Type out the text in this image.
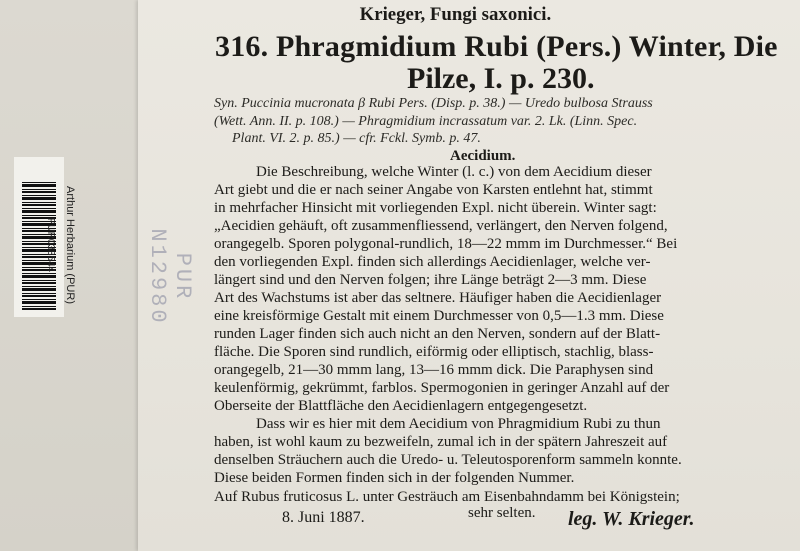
PUR038544 Arthur Herbarium (PUR)	PUR N12980
Krieger, Fungi saxonici.
316. Phragmidium Rubi (Pers.) Winter, Die
Pilze, I. p. 230.
Syn. Puccinia mucronata β Rubi Pers. (Disp. p. 38.) — Uredo bulbosa Strauss
(Wett. Ann. II. p. 108.) — Phragmidium incrassatum var. 2. Lk. (Linn. Spec.
Plant. VI. 2. p. 85.) — cfr. Fckl. Symb. p. 47.
Aecidium.
Die Beschreibung, welche Winter (l. c.) von dem Aecidium dieser
Art giebt und die er nach seiner Angabe von Karsten entlehnt hat, stimmt
in mehrfacher Hinsicht mit vorliegenden Expl. nicht überein. Winter sagt:
„Aecidien gehäuft, oft zusammenfliessend, verlängert, den Nerven folgend,
orangegelb. Sporen polygonal-rundlich, 18—22 mmm im Durchmesser.“ Bei
den vorliegenden Expl. finden sich allerdings Aecidienlager, welche ver-
längert sind und den Nerven folgen; ihre Länge beträgt 2—3 mm. Diese
Art des Wachstums ist aber das seltnere. Häufiger haben die Aecidienlager
eine kreisförmige Gestalt mit einem Durchmesser von 0,5—1.3 mm. Diese
runden Lager finden sich auch nicht an den Nerven, sondern auf der Blatt-
fläche. Die Sporen sind rundlich, eiförmig oder elliptisch, stachlig, blass-
orangegelb, 21—30 mmm lang, 13—16 mmm dick. Die Paraphysen sind
keulenförmig, gekrümmt, farblos. Spermogonien in geringer Anzahl auf der
Oberseite der Blattfläche den Aecidienlagern entgegengesetzt.
Dass wir es hier mit dem Aecidium von Phragmidium Rubi zu thun
haben, ist wohl kaum zu bezweifeln, zumal ich in der spätern Jahreszeit auf
denselben Sträuchern auch die Uredo- u. Teleutosporenform sammeln konnte.
Diese beiden Formen finden sich in der folgenden Nummer.
Auf Rubus fruticosus L. unter Gesträuch am Eisenbahndamm bei Königstein;
sehr selten.
8. Juni 1887.	leg. W. Krieger.
